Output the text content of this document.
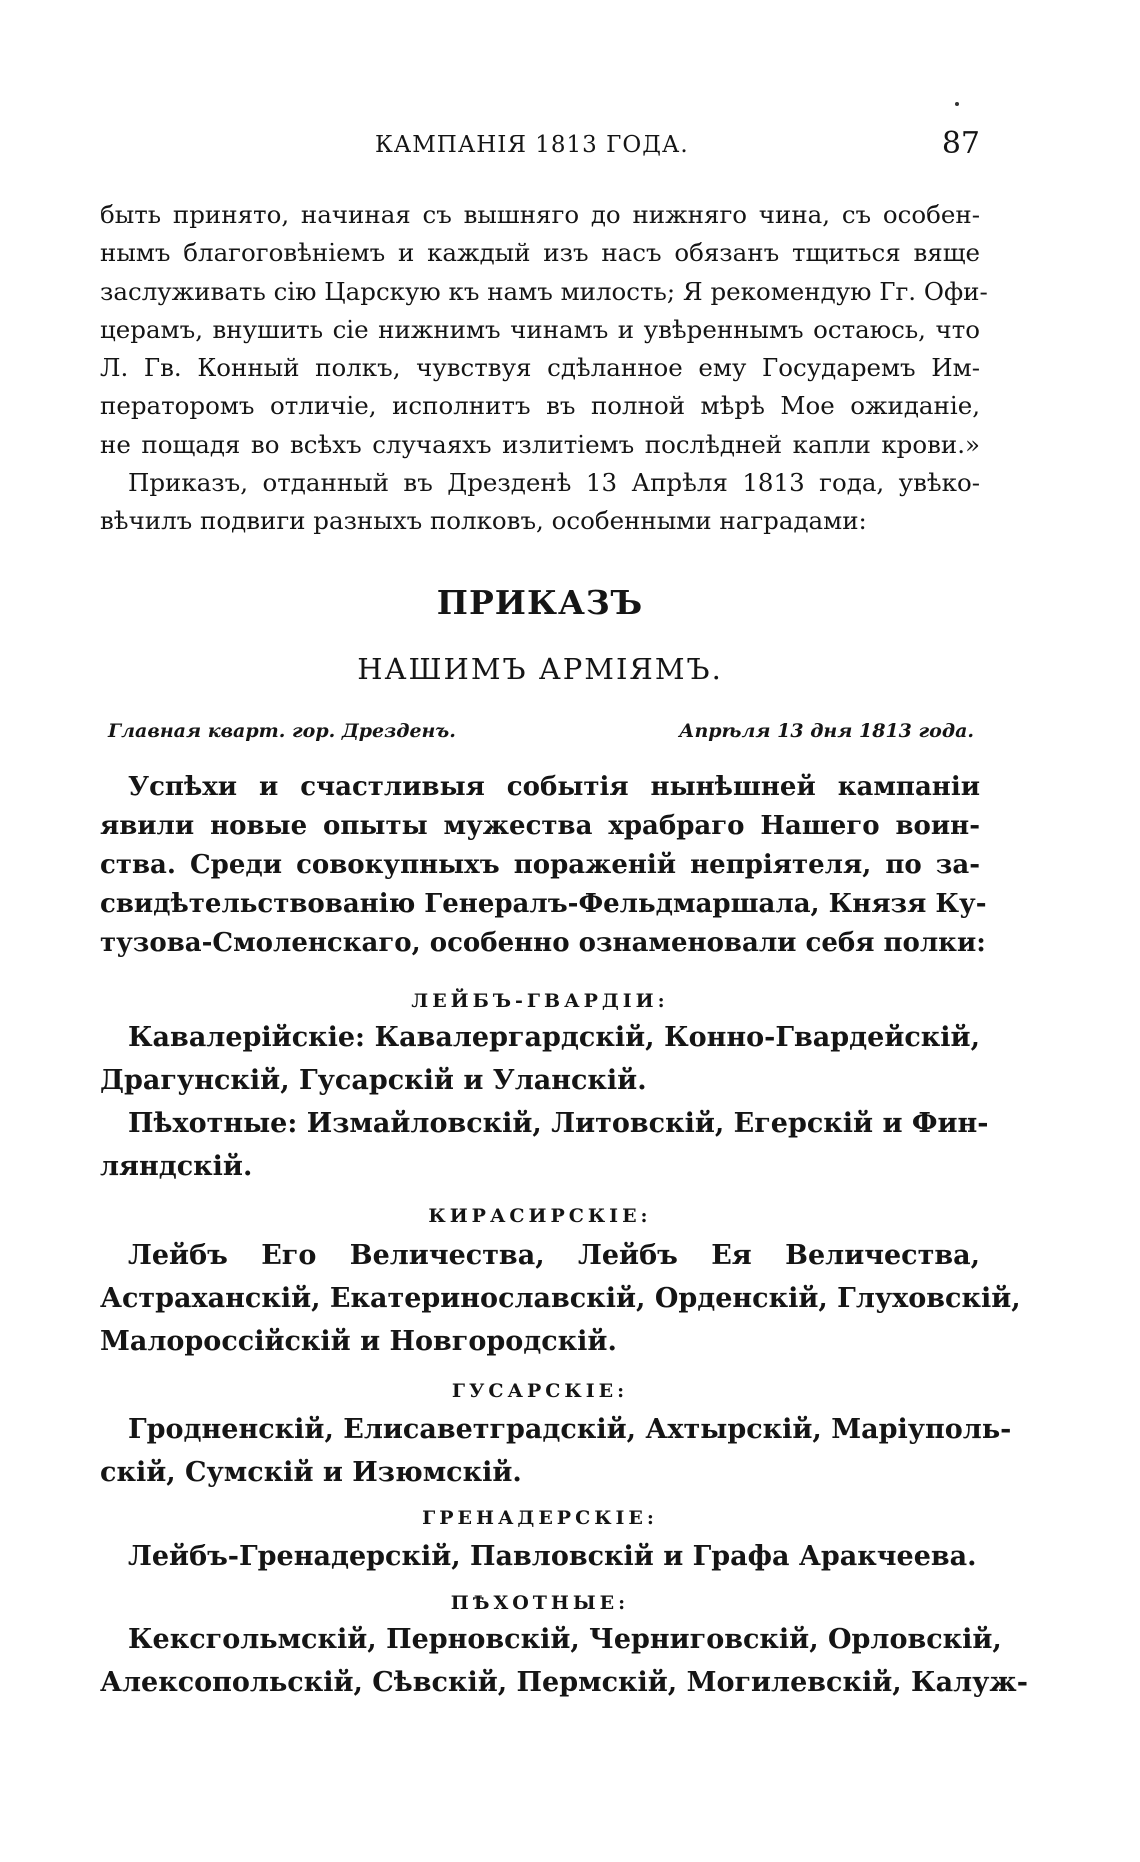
КАМПАНІЯ 1813 ГОДА.	87
быть принято, начиная съ вышняго до нижняго чина, съ особен-
нымъ благоговѣніемъ и каждый изъ насъ обязанъ тщиться вяще
заслуживать сію Царскую къ намъ милость; Я рекомендую Гг. Офи-
церамъ, внушить сіе нижнимъ чинамъ и увѣреннымъ остаюсь, что
Л. Гв. Конный полкъ, чувствуя сдѣланное ему Государемъ Им-
ператоромъ отличіе, исполнитъ въ полной мѣрѣ Мое ожиданіе,
не пощадя во всѣхъ случаяхъ излитіемъ послѣдней капли крови.»
Приказъ, отданный въ Дрезденѣ 13 Апрѣля 1813 года, увѣко-
вѣчилъ подвиги разныхъ полковъ, особенными наградами:
ПРИКАЗЪ
НАШИМЪ АРМІЯМЪ.
Главная кварт. гор. Дрезденъ.	Апрѣля 13 дня 1813 года.
Успѣхи и счастливыя событія нынѣшней кампаніи
явили новые опыты мужества храбраго Нашего воин-
ства. Среди совокупныхъ пораженій непріятеля, по за-
свидѣтельствованію Генералъ-Фельдмаршала, Князя Ку-
тузова-Смоленскаго, особенно ознаменовали себя полки:
ЛЕЙБЪ-ГВАРДІИ:
Кавалерійскіе: Кавалергардскій, Конно-Гвардейскій,
Драгунскій, Гусарскій и Уланскій.
Пѣхотные: Измайловскій, Литовскій, Егерскій и Фин-
ляндскій.
КИРАСИРСКІЕ:
Лейбъ Его Величества, Лейбъ Ея Величества,
Астраханскій, Екатеринославскій, Орденскій, Глуховскій,
Малороссійскій и Новгородскій.
ГУСАРСКІЕ:
Гродненскій, Елисаветградскій, Ахтырскій, Маріуполь-
скій, Сумскій и Изюмскій.
ГРЕНАДЕРСКІЕ:
Лейбъ-Гренадерскій, Павловскій и Графа Аракчеева.
ПѢХОТНЫЕ:
Кексгольмскій, Перновскій, Черниговскій, Орловскій,
Алексопольскій, Сѣвскій, Пермскій, Могилевскій, Калуж-
